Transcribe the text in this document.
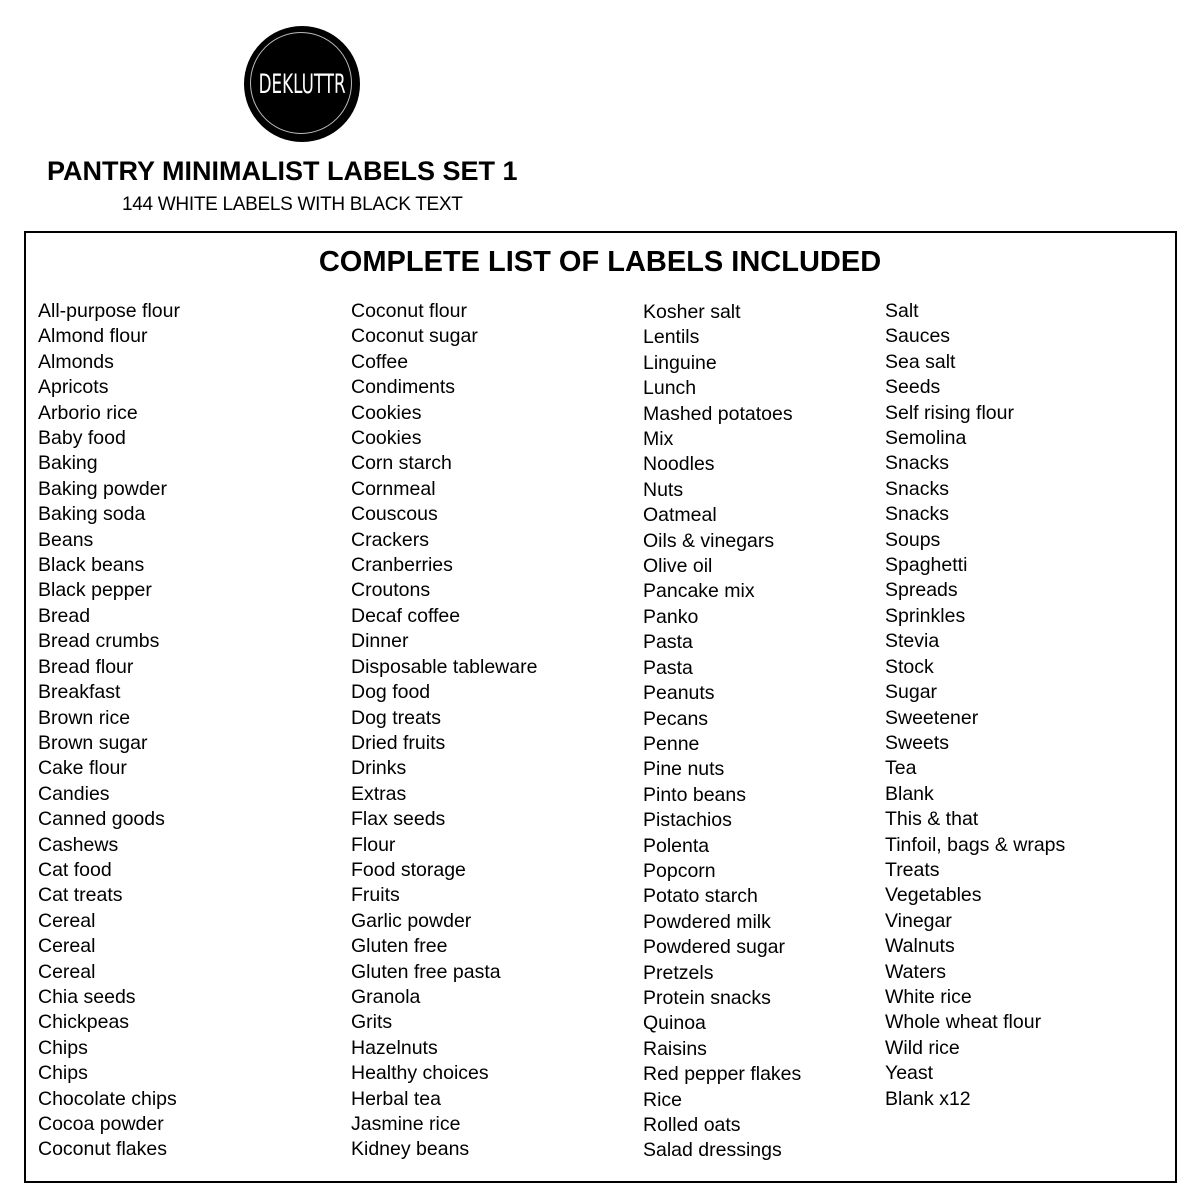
DEKLUTTR
PANTRY MINIMALIST LABELS SET 1
144 WHITE LABELS WITH BLACK TEXT
COMPLETE LIST OF LABELS INCLUDED
All-purpose flour
Almond flour
Almonds
Apricots
Arborio rice
Baby food
Baking
Baking powder
Baking soda
Beans
Black beans
Black pepper
Bread
Bread crumbs
Bread flour
Breakfast
Brown rice
Brown sugar
Cake flour
Candies
Canned goods
Cashews
Cat food
Cat treats
Cereal
Cereal
Cereal
Chia seeds
Chickpeas
Chips
Chips
Chocolate chips
Cocoa powder
Coconut flakes
Coconut flour
Coconut sugar
Coffee
Condiments
Cookies
Cookies
Corn starch
Cornmeal
Couscous
Crackers
Cranberries
Croutons
Decaf coffee
Dinner
Disposable tableware
Dog food
Dog treats
Dried fruits
Drinks
Extras
Flax seeds
Flour
Food storage
Fruits
Garlic powder
Gluten free
Gluten free pasta
Granola
Grits
Hazelnuts
Healthy choices
Herbal tea
Jasmine rice
Kidney beans
Kosher salt
Lentils
Linguine
Lunch
Mashed potatoes
Mix
Noodles
Nuts
Oatmeal
Oils & vinegars
Olive oil
Pancake mix
Panko
Pasta
Pasta
Peanuts
Pecans
Penne
Pine nuts
Pinto beans
Pistachios
Polenta
Popcorn
Potato starch
Powdered milk
Powdered sugar
Pretzels
Protein snacks
Quinoa
Raisins
Red pepper flakes
Rice
Rolled oats
Salad dressings
Salt
Sauces
Sea salt
Seeds
Self rising flour
Semolina
Snacks
Snacks
Snacks
Soups
Spaghetti
Spreads
Sprinkles
Stevia
Stock
Sugar
Sweetener
Sweets
Tea
Blank
This & that
Tinfoil, bags & wraps
Treats
Vegetables
Vinegar
Walnuts
Waters
White rice
Whole wheat flour
Wild rice
Yeast
Blank x12
